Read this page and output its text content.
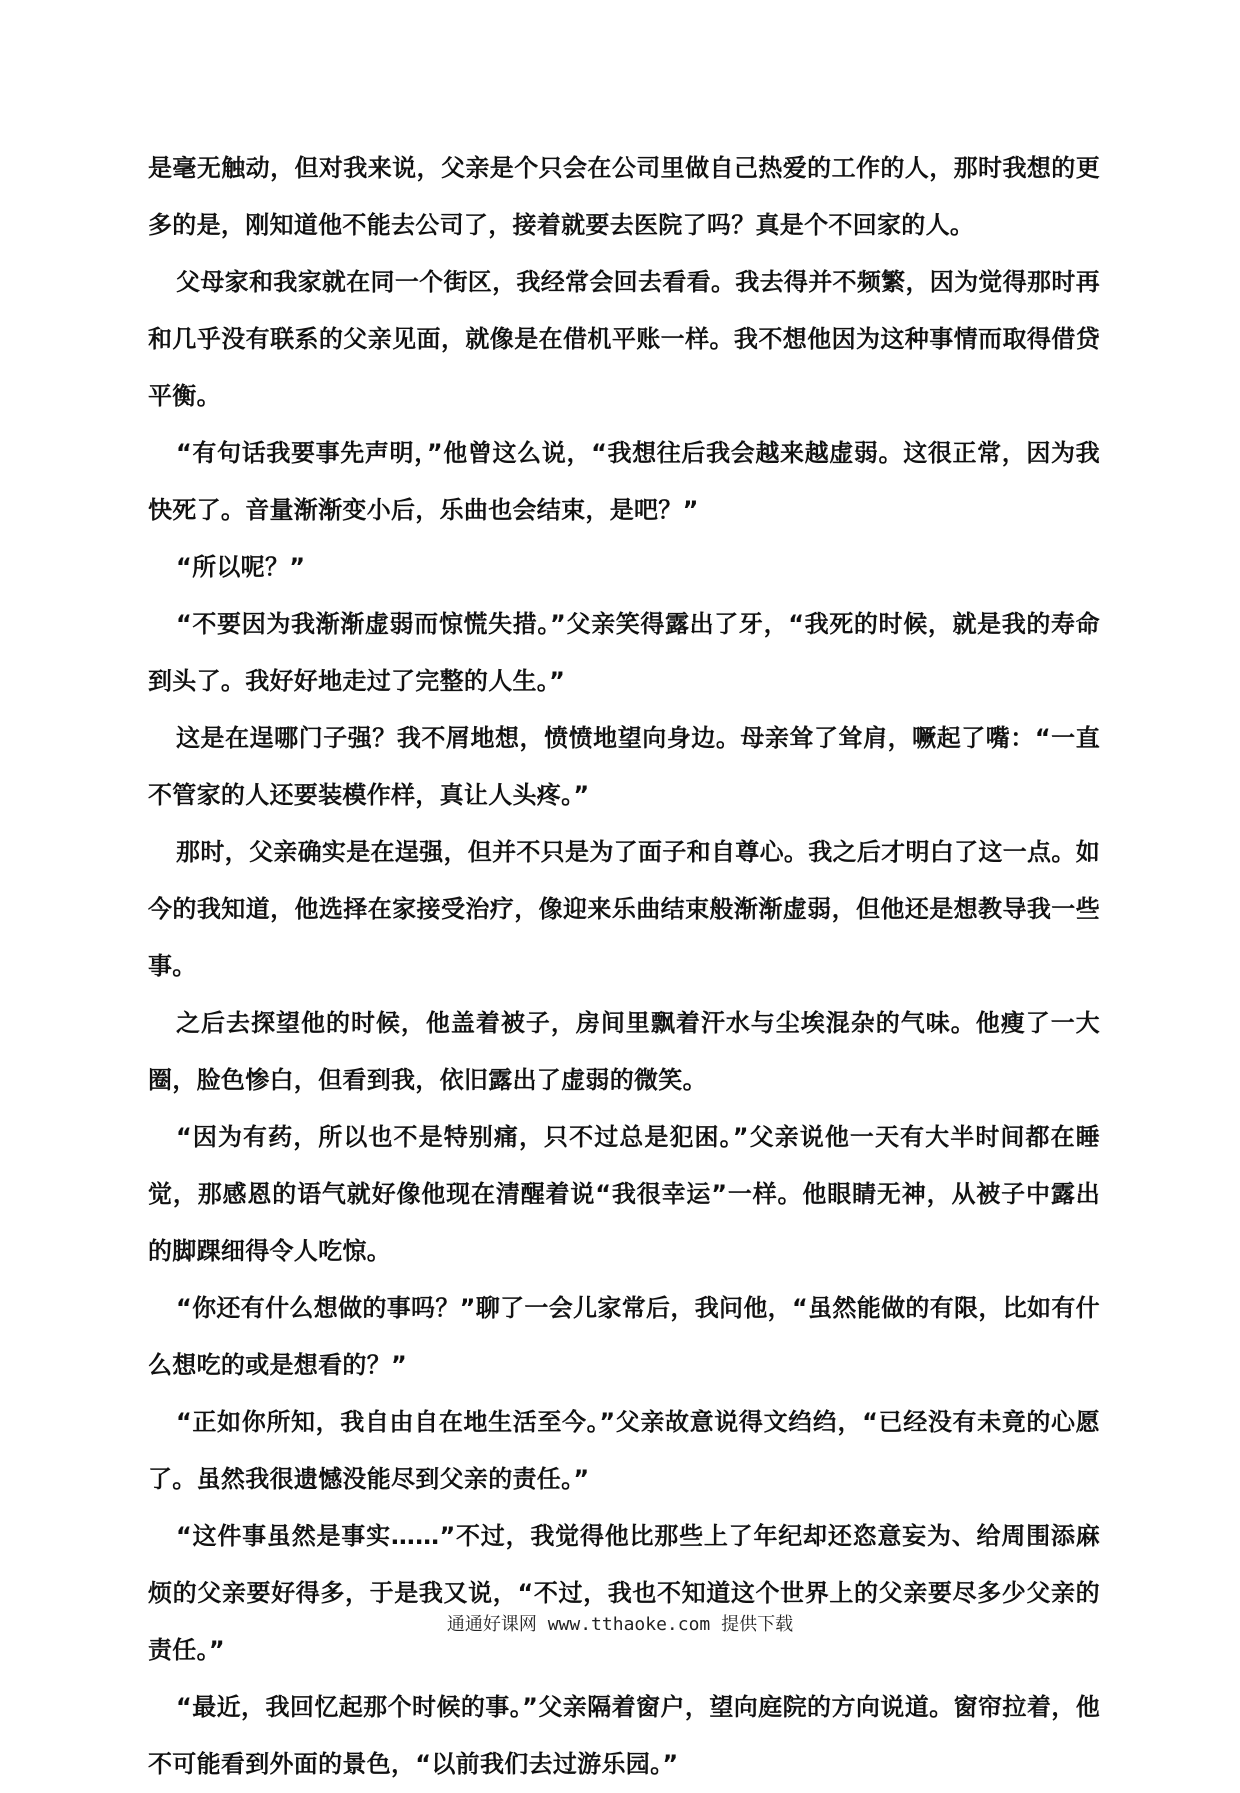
是毫无触动，但对我来说，父亲是个只会在公司里做自己热爱的工作的人，那时我想的更多的是，刚知道他不能去公司了，接着就要去医院了吗？真是个不回家的人。

父母家和我家就在同一个街区，我经常会回去看看。我去得并不频繁，因为觉得那时再和几乎没有联系的父亲见面，就像是在借机平账一样。我不想他因为这种事情而取得借贷平衡。

“有句话我要事先声明，”他曾这么说，“我想往后我会越来越虚弱。这很正常，因为我快死了。音量渐渐变小后，乐曲也会结束，是吧？”

“所以呢？”

“不要因为我渐渐虚弱而惊慌失措。”父亲笑得露出了牙，“我死的时候，就是我的寿命到头了。我好好地走过了完整的人生。”

这是在逞哪门子强？我不屑地想，愤愤地望向身边。母亲耸了耸肩，噘起了嘴：“一直不管家的人还要装模作样，真让人头疼。”

那时，父亲确实是在逞强，但并不只是为了面子和自尊心。我之后才明白了这一点。如今的我知道，他选择在家接受治疗，像迎来乐曲结束般渐渐虚弱，但他还是想教导我一些事。

之后去探望他的时候，他盖着被子，房间里飘着汗水与尘埃混杂的气味。他瘦了一大圈，脸色惨白，但看到我，依旧露出了虚弱的微笑。

“因为有药，所以也不是特别痛，只不过总是犯困。”父亲说他一天有大半时间都在睡觉，那感恩的语气就好像他现在清醒着说“我很幸运”一样。他眼睛无神，从被子中露出的脚踝细得令人吃惊。

“你还有什么想做的事吗？”聊了一会儿家常后，我问他，“虽然能做的有限，比如有什么想吃的或是想看的？”

“正如你所知，我自由自在地生活至今。”父亲故意说得文绉绉，“已经没有未竟的心愿了。虽然我很遗憾没能尽到父亲的责任。”

“这件事虽然是事实……”不过，我觉得他比那些上了年纪却还恣意妄为、给周围添麻烦的父亲要好得多，于是我又说，“不过，我也不知道这个世界上的父亲要尽多少父亲的责任。”

“最近，我回忆起那个时候的事。”父亲隔着窗户，望向庭院的方向说道。窗帘拉着，他不可能看到外面的景色，“以前我们去过游乐园。”

通通好课网 www.tthaoke.com 提供下载
